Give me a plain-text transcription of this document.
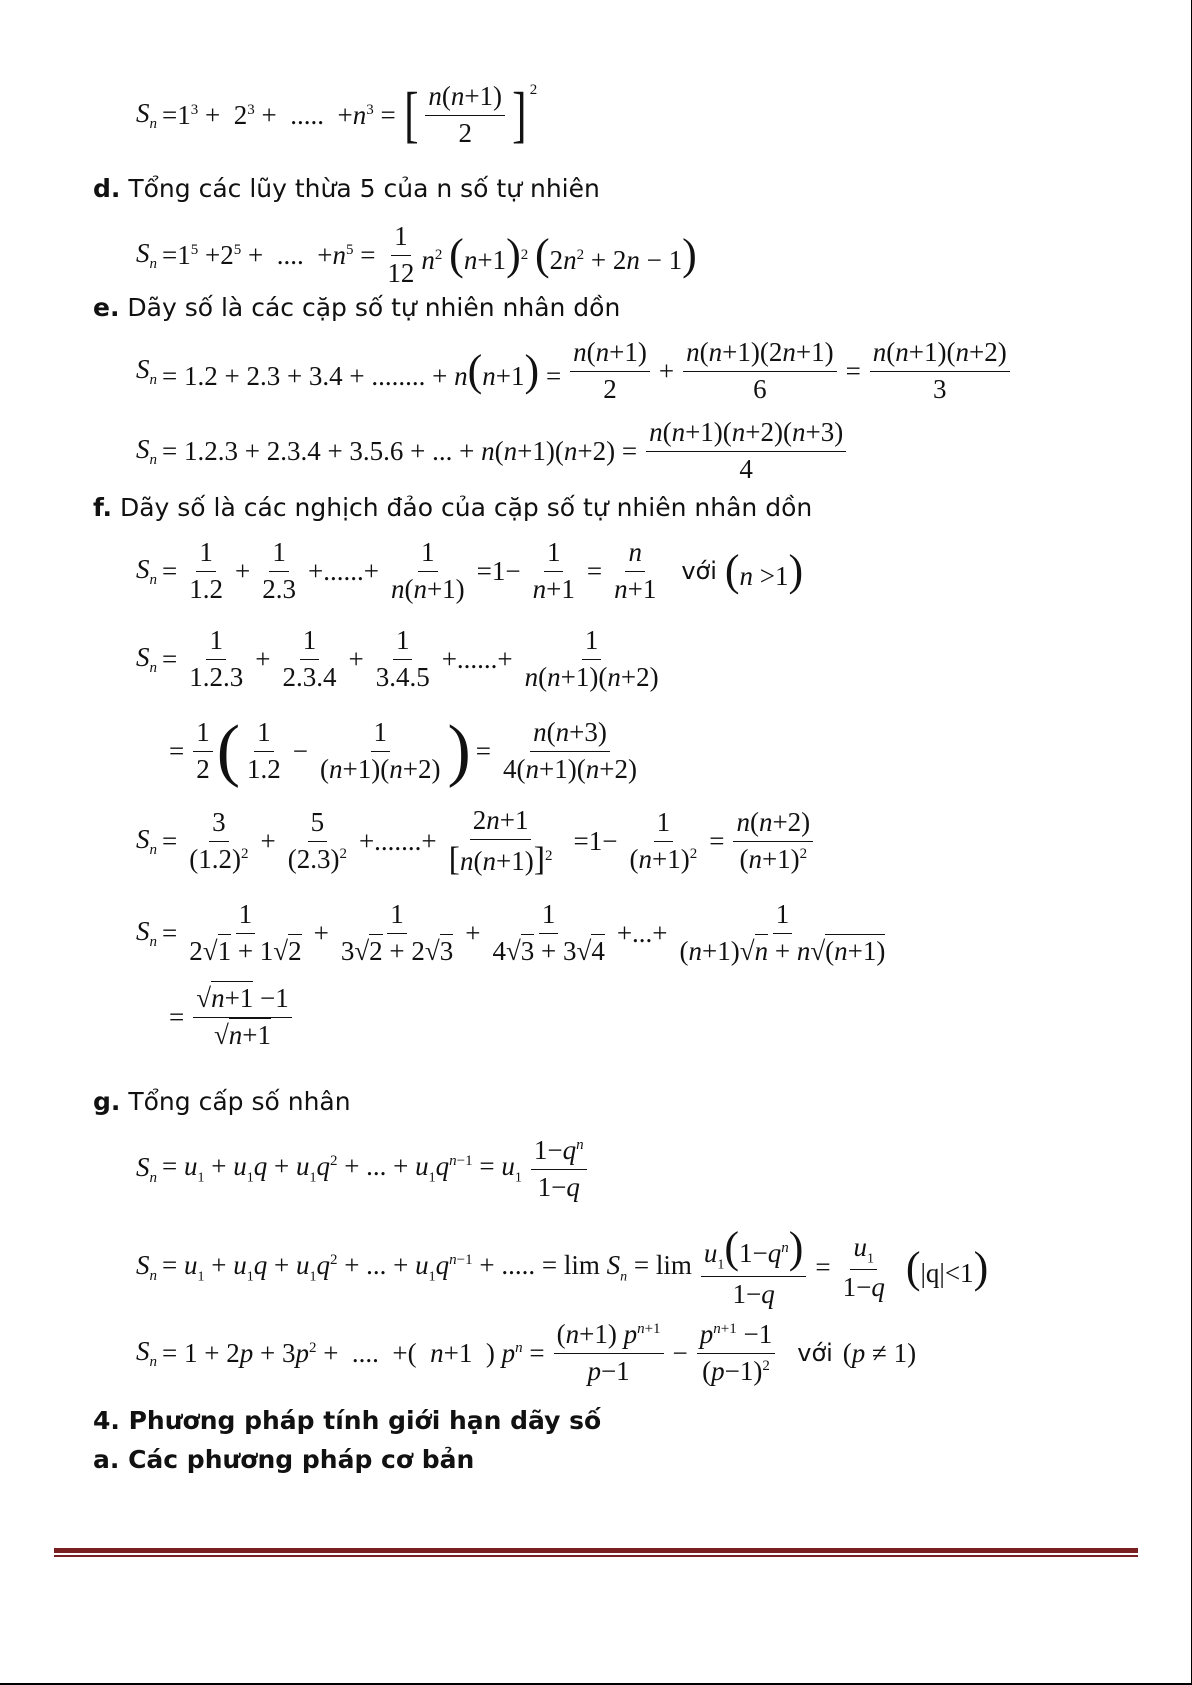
$S_n =1^3 + 2^3$ +  .....  $+n^3$ = [ $\frac{n(n+1)}{2} ]^2$
d. Tổng các lũy thừa 5 của n số tự nhiên
$S_n =1^5 +2^5$ +  ....  $+n^5 = \frac{1}{12} n^2$ $(n+1)^2$ $(2n^2 + 2n - 1)$
e. Dãy số là các cặp số tự nhiên nhân dồn
$S_n = 1.2 + 2.3 + 3.4$ + ........ + $n(n+1) = \frac{n(n+1)}{2} + \frac{n(n+1)(2n+1)}{6} = \frac{n(n+1)(n+2)}{3}$
$S_n = 1.2.3 + 2.3.4 + 3.5.6$ + ... + $n(n+1)(n+2) = \frac{n(n+1)(n+2)(n+3)}{4}$
f. Dãy số là các nghịch đảo của cặp số tự nhiên nhân dồn
$S_n = \frac{1}{1.2} + \frac{1}{2.3}$ +......+ $\frac{1}{n(n+1)} =1- \frac{1}{n+1} = \frac{n}{n+1}$ với (n >1)
$S_n = \frac{1}{1.2.3} + \frac{1}{2.3.4} + \frac{1}{3.4.5}$ +......+ $\frac{1}{n(n+1)(n+2)}$
= $\frac{1}{2}$ ( $\frac{1}{1.2} - \frac{1}{(n+1)(n+2)}$ ) = $\frac{n(n+3)}{4(n+1)(n+2)}$
$S_n = \frac{3}{(1.2)^2} + \frac{5}{(2.3)^2}$ +.......+ $\frac{2n+1}{[n(n+1)]^2} =1- \frac{1}{(n+1)^2} = \frac{n(n+2)}{(n+1)^2}$
$S_n = \frac{1}{2√1 + 1√2} + \frac{1}{3√2 + 2√3} + \frac{1}{4√3 + 3√4}$ +...+ $\frac{1}{(n+1)√n + n√(n+1)}$
= $\frac{√n+1 -1}{√n+1}$
g. Tổng cấp số nhân
$S_n = u_1 + u_1q + u_1q^2$ + ... + $u_1q^{n-1} = u_1 \frac{1-q^n}{1-q}$
$S_n = u_1 + u_1q + u_1q^2$ + ... + $u_1q^{n-1}$ + ..... = $\lim S_n = \lim \frac{u_1(1-q^n)}{1-q} = \frac{u_1}{1-q} (|q|<1)$
$S_n = 1 + 2p + 3p^2$ +  ....  +(  n+1  ) $p^n = \frac{(n+1) p^{n+1}}{p-1} - \frac{p^{n+1} -1}{(p-1)^2}$ với (p ≠ 1)
4. Phương pháp tính giới hạn dãy số
a. Các phương pháp cơ bản
